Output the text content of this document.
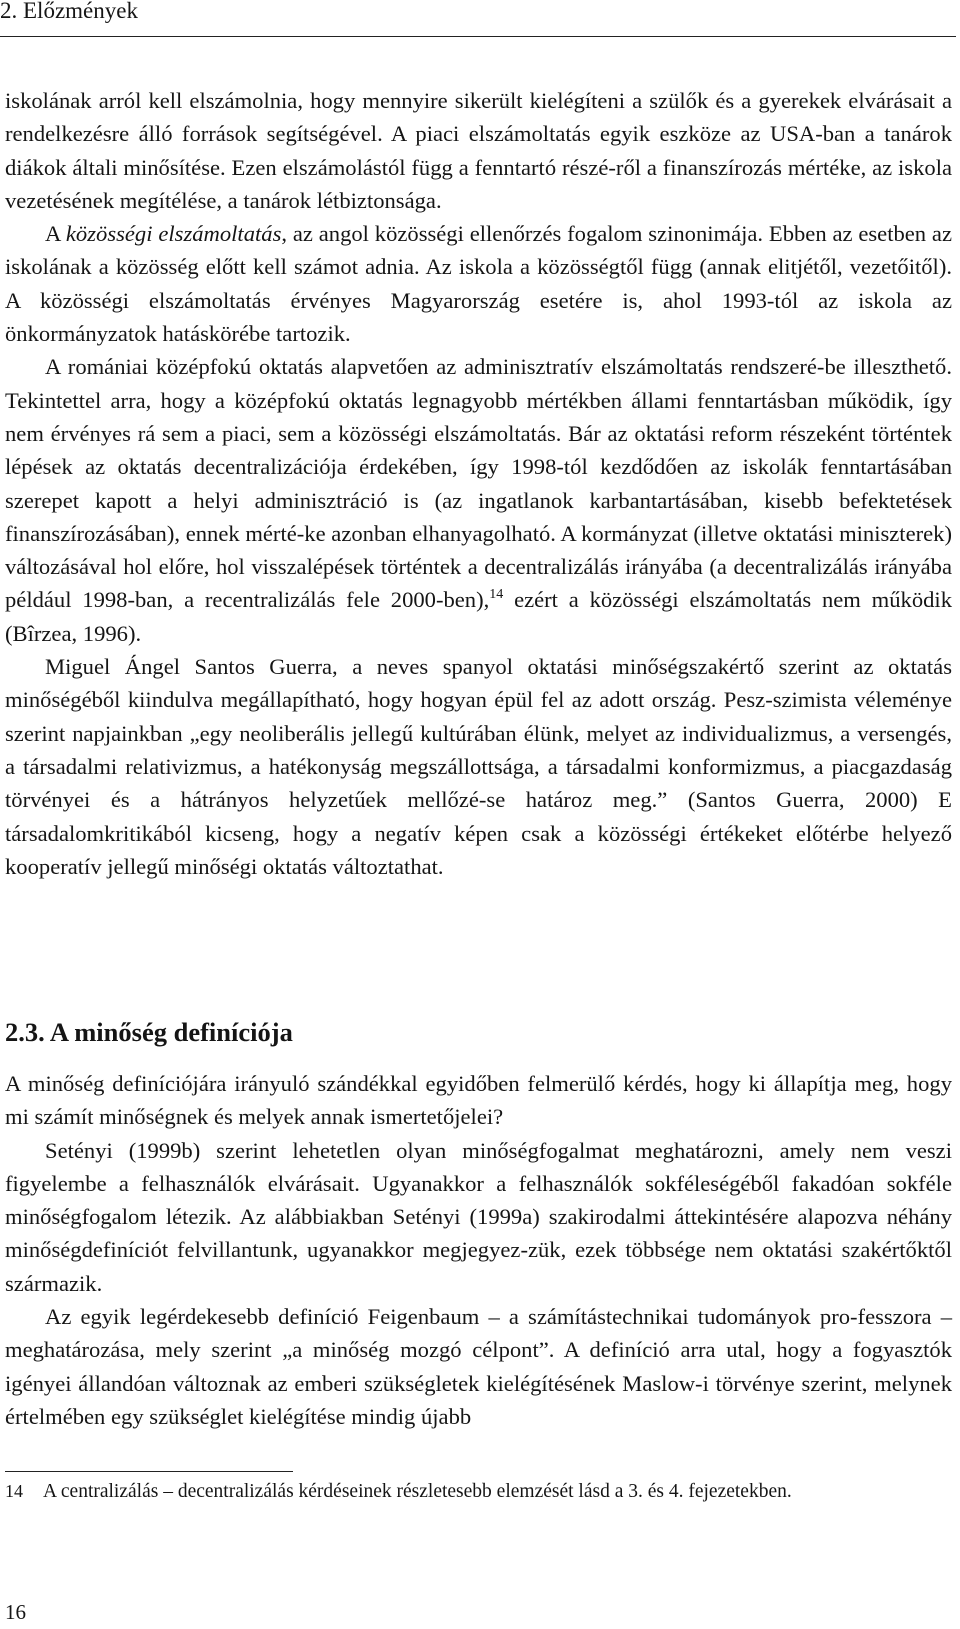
2. Előzmények

iskolának arról kell elszámolnia, hogy mennyire sikerült kielégíteni a szülők és a gyerekek elvárásait a rendelkezésre álló források segítségével. A piaci elszámoltatás egyik eszköze az USA-ban a tanárok diákok általi minősítése. Ezen elszámolástól függ a fenntartó részé-ről a finanszírozás mértéke, az iskola vezetésének megítélése, a tanárok létbiztonsága.

A közösségi elszámoltatás, az angol közösségi ellenőrzés fogalom szinonimája. Ebben az esetben az iskolának a közösség előtt kell számot adnia. Az iskola a közösségtől függ (annak elitjétől, vezetőitől). A közösségi elszámoltatás érvényes Magyarország esetére is, ahol 1993-tól az iskola az önkormányzatok hatáskörébe tartozik.

A romániai középfokú oktatás alapvetően az adminisztratív elszámoltatás rendszeré-be illeszthető. Tekintettel arra, hogy a középfokú oktatás legnagyobb mértékben állami fenntartásban működik, így nem érvényes rá sem a piaci, sem a közösségi elszámoltatás. Bár az oktatási reform részeként történtek lépések az oktatás decentralizációja érdekében, így 1998-tól kezdődően az iskolák fenntartásában szerepet kapott a helyi adminisztráció is (az ingatlanok karbantartásában, kisebb befektetések finanszírozásában), ennek mérté-ke azonban elhanyagolható. A kormányzat (illetve oktatási miniszterek) változásával hol előre, hol visszalépések történtek a decentralizálás irányába (a decentralizálás irányába például 1998-ban, a recentralizálás fele 2000-ben),$^{14}$ ezért a közösségi elszámoltatás nem működik (Bîrzea, 1996).

Miguel Ángel Santos Guerra, a neves spanyol oktatási minőségszakértő szerint az oktatás minőségéből kiindulva megállapítható, hogy hogyan épül fel az adott ország. Pesz-szimista véleménye szerint napjainkban „egy neoliberális jellegű kultúrában élünk, melyet az individualizmus, a versengés, a társadalmi relativizmus, a hatékonyság megszállottsága, a társadalmi konformizmus, a piacgazdaság törvényei és a hátrányos helyzetűek mellőzé-se határoz meg.” (Santos Guerra, 2000) E társadalomkritikából kicseng, hogy a negatív képen csak a közösségi értékeket előtérbe helyező kooperatív jellegű minőségi oktatás változtathat.

2.3. A minőség definíciója

A minőség definíciójára irányuló szándékkal egyidőben felmerülő kérdés, hogy ki állapítja meg, hogy mi számít minőségnek és melyek annak ismertetőjelei?

Setényi (1999b) szerint lehetetlen olyan minőségfogalmat meghatározni, amely nem veszi figyelembe a felhasználók elvárásait. Ugyanakkor a felhasználók sokféleségéből fakadóan sokféle minőségfogalom létezik. Az alábbiakban Setényi (1999a) szakirodalmi áttekintésére alapozva néhány minőségdefiníciót felvillantunk, ugyanakkor megjegyez-zük, ezek többsége nem oktatási szakértőktől származik.

Az egyik legérdekesebb definíció Feigenbaum – a számítástechnikai tudományok pro-fesszora – meghatározása, mely szerint „a minőség mozgó célpont”. A definíció arra utal, hogy a fogyasztók igényei állandóan változnak az emberi szükségletek kielégítésének Maslow-i törvénye szerint, melynek értelmében egy szükséglet kielégítése mindig újabb

14 A centralizálás – decentralizálás kérdéseinek részletesebb elemzését lásd a 3. és 4. fejezetekben.
16
